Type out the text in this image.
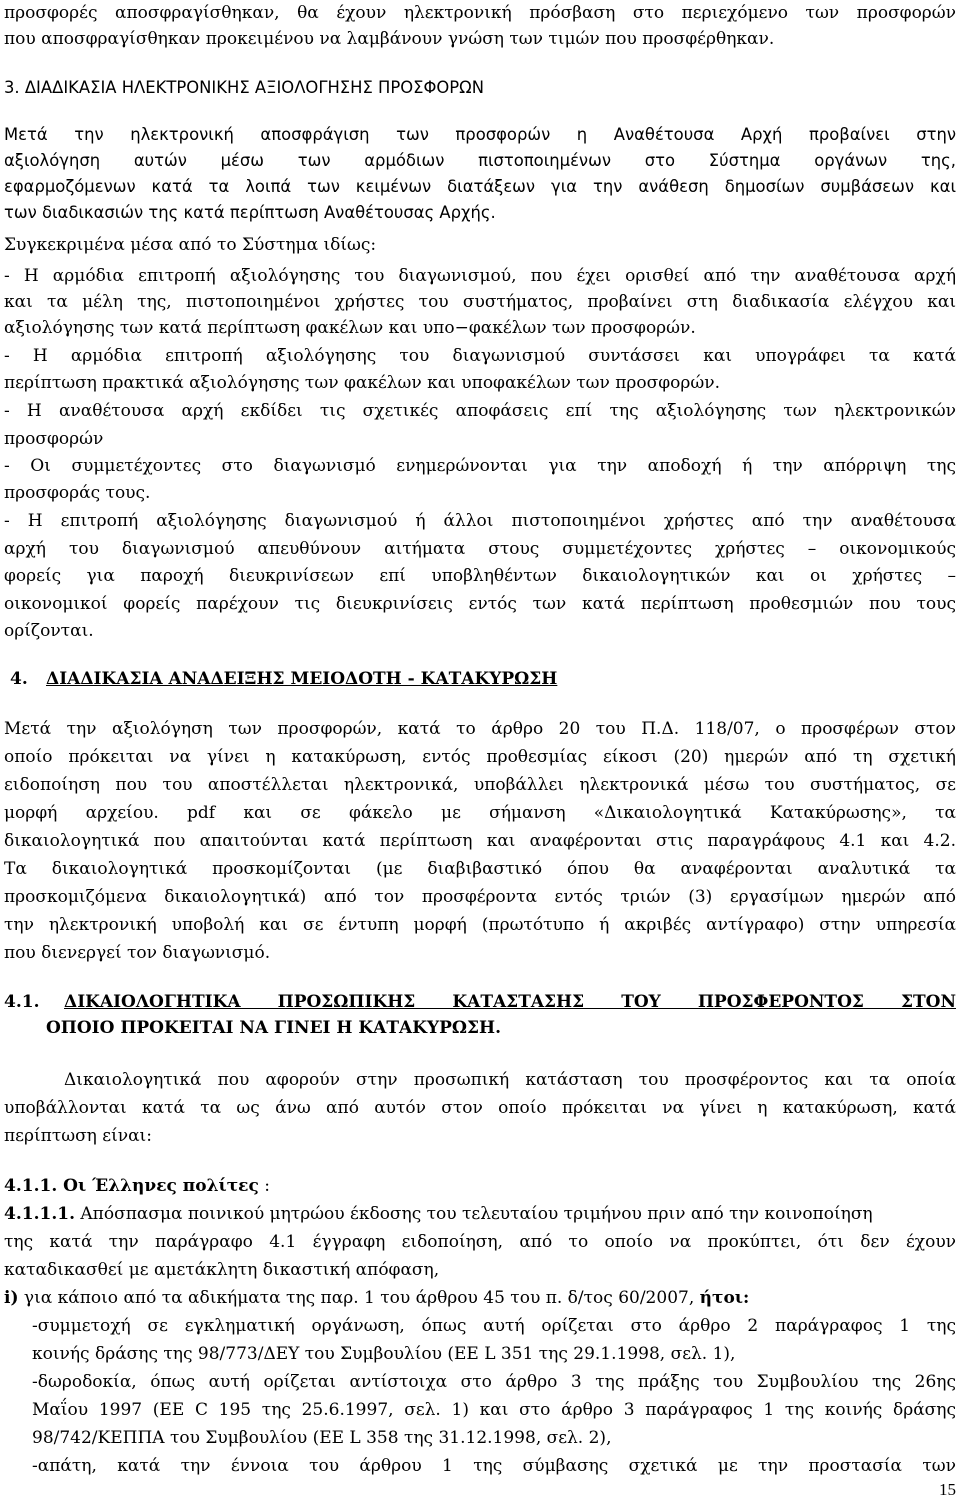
προσφορές αποσφραγίσθηκαν, θα έχουν ηλεκτρονική πρόσβαση στο περιεχόμενο των προσφορών
που αποσφραγίσθηκαν προκειμένου να λαμβάνουν γνώση των τιμών που προσφέρθηκαν.
3. ΔΙΑΔΙΚΑΣΙΑ ΗΛΕΚΤΡΟΝΙΚΗΣ ΑΞΙΟΛΟΓΗΣΗΣ ΠΡΟΣΦΟΡΩΝ
Μετά την ηλεκτρονική αποσφράγιση των προσφορών η Αναθέτουσα Αρχή προβαίνει στην
αξιολόγηση αυτών μέσω των αρμόδιων πιστοποιημένων στο Σύστημα οργάνων της,
εφαρμοζόμενων κατά τα λοιπά των κειμένων διατάξεων για την ανάθεση δημοσίων συμβάσεων και
των διαδικασιών της κατά περίπτωση Αναθέτουσας Αρχής.
Συγκεκριμένα μέσα από το Σύστημα ιδίως:
- Η αρμόδια επιτροπή αξιολόγησης του διαγωνισμού, που έχει ορισθεί από την αναθέτουσα αρχή
και τα μέλη της, πιστοποιημένοι χρήστες του συστήματος, προβαίνει στη διαδικασία ελέγχου και
αξιολόγησης των κατά περίπτωση φακέλων και υπο−φακέλων των προσφορών.
- Η αρμόδια επιτροπή αξιολόγησης του διαγωνισμού συντάσσει και υπογράφει τα κατά
περίπτωση πρακτικά αξιολόγησης των φακέλων και υποφακέλων των προσφορών.
- Η αναθέτουσα αρχή εκδίδει τις σχετικές αποφάσεις επί της αξιολόγησης των ηλεκτρονικών
προσφορών
- Οι συμμετέχοντες στο διαγωνισμό ενημερώνονται για την αποδοχή ή την απόρριψη της
προσφοράς τους.
- Η επιτροπή αξιολόγησης διαγωνισμού ή άλλοι πιστοποιημένοι χρήστες από την αναθέτουσα
αρχή του διαγωνισμού απευθύνουν αιτήματα στους συμμετέχοντες χρήστες – οικονομικούς
φορείς για παροχή διευκρινίσεων επί υποβληθέντων δικαιολογητικών και οι χρήστες –
οικονομικοί φορείς παρέχουν τις διευκρινίσεις εντός των κατά περίπτωση προθεσμιών που τους
ορίζονται.
4.	ΔΙΑΔΙΚΑΣΙΑ ΑΝΑΔΕΙΞΗΣ ΜΕΙΟΔΟΤΗ - ΚΑΤΑΚΥΡΩΣΗ
Μετά την αξιολόγηση των προσφορών, κατά το άρθρο 20 του Π.Δ. 118/07, ο προσφέρων στον
οποίο πρόκειται να γίνει η κατακύρωση, εντός προθεσμίας είκοσι (20) ημερών από τη σχετική
ειδοποίηση που του αποστέλλεται ηλεκτρονικά, υποβάλλει ηλεκτρονικά μέσω του συστήματος, σε
μορφή αρχείου. pdf και σε φάκελο με σήμανση «Δικαιολογητικά Κατακύρωσης», τα
δικαιολογητικά που απαιτούνται κατά περίπτωση και αναφέρονται στις παραγράφους 4.1 και 4.2.
Τα δικαιολογητικά προσκομίζονται (με διαβιβαστικό όπου θα αναφέρονται αναλυτικά τα
προσκομιζόμενα δικαιολογητικά) από τον προσφέροντα εντός τριών (3) εργασίμων ημερών από
την ηλεκτρονική υποβολή και σε έντυπη μορφή (πρωτότυπο ή ακριβές αντίγραφο) στην υπηρεσία
που διενεργεί τον διαγωνισμό.
4.1.	ΔΙΚΑΙΟΛΟΓΗΤΙΚΑ ΠΡΟΣΩΠΙΚΗΣ ΚΑΤΑΣΤΑΣΗΣ ΤΟΥ ΠΡΟΣΦΕΡΟΝΤΟΣ ΣΤΟΝ
ΟΠΟΙΟ ΠΡΟΚΕΙΤΑΙ ΝΑ ΓΙΝΕΙ Η ΚΑΤΑΚΥΡΩΣΗ.
Δικαιολογητικά που αφορούν στην προσωπική κατάσταση του προσφέροντος και τα οποία
υποβάλλονται κατά τα ως άνω από αυτόν στον οποίο πρόκειται να γίνει η κατακύρωση, κατά
περίπτωση είναι:
4.1.1. Οι Έλληνες πολίτες :
4.1.1.1. Απόσπασμα ποινικού μητρώου έκδοσης του τελευταίου τριμήνου πριν από την κοινοποίηση
της κατά την παράγραφο 4.1 έγγραφη ειδοποίηση, από το οποίο να προκύπτει, ότι δεν έχουν
καταδικασθεί με αμετάκλητη δικαστική απόφαση,
i) για κάποιο από τα αδικήματα της παρ. 1 του άρθρου 45 του π. δ/τος 60/2007, ήτοι:
-συμμετοχή σε εγκληματική οργάνωση, όπως αυτή ορίζεται στο άρθρο 2 παράγραφος 1 της
κοινής δράσης της 98/773/ΔΕΥ του Συμβουλίου (ΕΕ L 351 της 29.1.1998, σελ. 1),
-δωροδοκία, όπως αυτή ορίζεται αντίστοιχα στο άρθρο 3 της πράξης του Συμβουλίου της 26ης
Μαΐου 1997 (ΕΕ C 195 της 25.6.1997, σελ. 1) και στο άρθρο 3 παράγραφος 1 της κοινής δράσης
98/742/ΚΕΠΠΑ του Συμβουλίου (ΕΕ L 358 της 31.12.1998, σελ. 2),
-απάτη, κατά την έννοια του άρθρου 1 της σύμβασης σχετικά με την προστασία των
15
